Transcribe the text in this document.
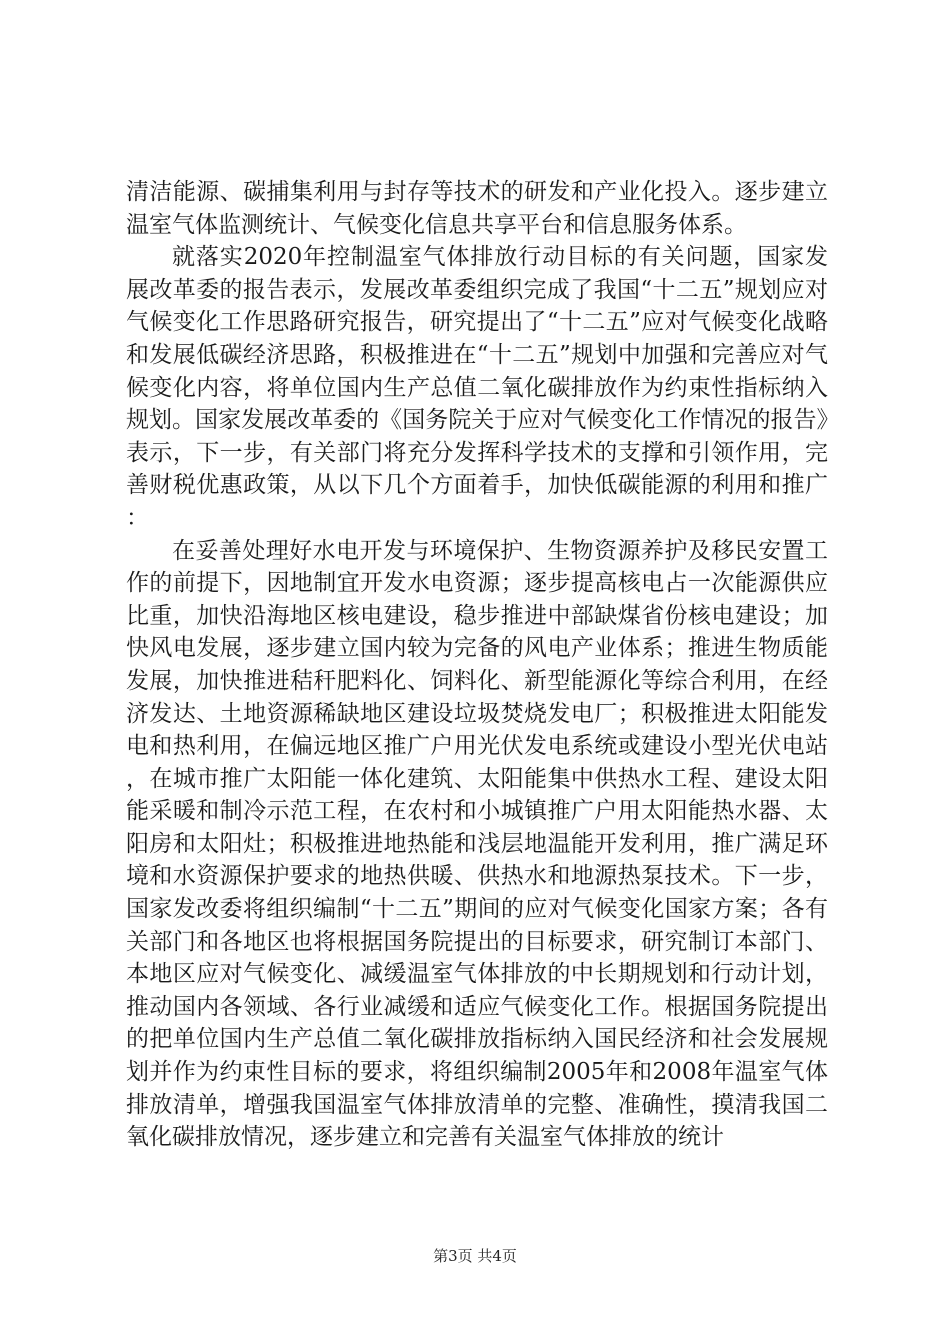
清洁能源、碳捕集利用与封存等技术的研发和产业化投入。逐步建立温室气体监测统计、气候变化信息共享平台和信息服务体系。

就落实2020年控制温室气体排放行动目标的有关问题，国家发展改革委的报告表示，发展改革委组织完成了我国“十二五”规划应对气候变化工作思路研究报告，研究提出了“十二五”应对气候变化战略和发展低碳经济思路，积极推进在“十二五”规划中加强和完善应对气候变化内容，将单位国内生产总值二氧化碳排放作为约束性指标纳入规划。国家发展改革委的《国务院关于应对气候变化工作情况的报告》表示，下一步，有关部门将充分发挥科学技术的支撑和引领作用，完善财税优惠政策，从以下几个方面着手，加快低碳能源的利用和推广：

在妥善处理好水电开发与环境保护、生物资源养护及移民安置工作的前提下，因地制宜开发水电资源；逐步提高核电占一次能源供应比重，加快沿海地区核电建设，稳步推进中部缺煤省份核电建设；加快风电发展，逐步建立国内较为完备的风电产业体系；推进生物质能发展，加快推进秸秆肥料化、饲料化、新型能源化等综合利用，在经济发达、土地资源稀缺地区建设垃圾焚烧发电厂；积极推进太阳能发电和热利用，在偏远地区推广户用光伏发电系统或建设小型光伏电站，在城市推广太阳能一体化建筑、太阳能集中供热水工程、建设太阳能采暖和制冷示范工程，在农村和小城镇推广户用太阳能热水器、太阳房和太阳灶；积极推进地热能和浅层地温能开发利用，推广满足环境和水资源保护要求的地热供暖、供热水和地源热泵技术。下一步，国家发改委将组织编制“十二五”期间的应对气候变化国家方案；各有关部门和各地区也将根据国务院提出的目标要求，研究制订本部门、本地区应对气候变化、减缓温室气体排放的中长期规划和行动计划，推动国内各领域、各行业减缓和适应气候变化工作。根据国务院提出的把单位国内生产总值二氧化碳排放指标纳入国民经济和社会发展规划并作为约束性目标的要求，将组织编制2005年和2008年温室气体排放清单，增强我国温室气体排放清单的完整、准确性，摸清我国二氧化碳排放情况，逐步建立和完善有关温室气体排放的统计

第3页 共4页
